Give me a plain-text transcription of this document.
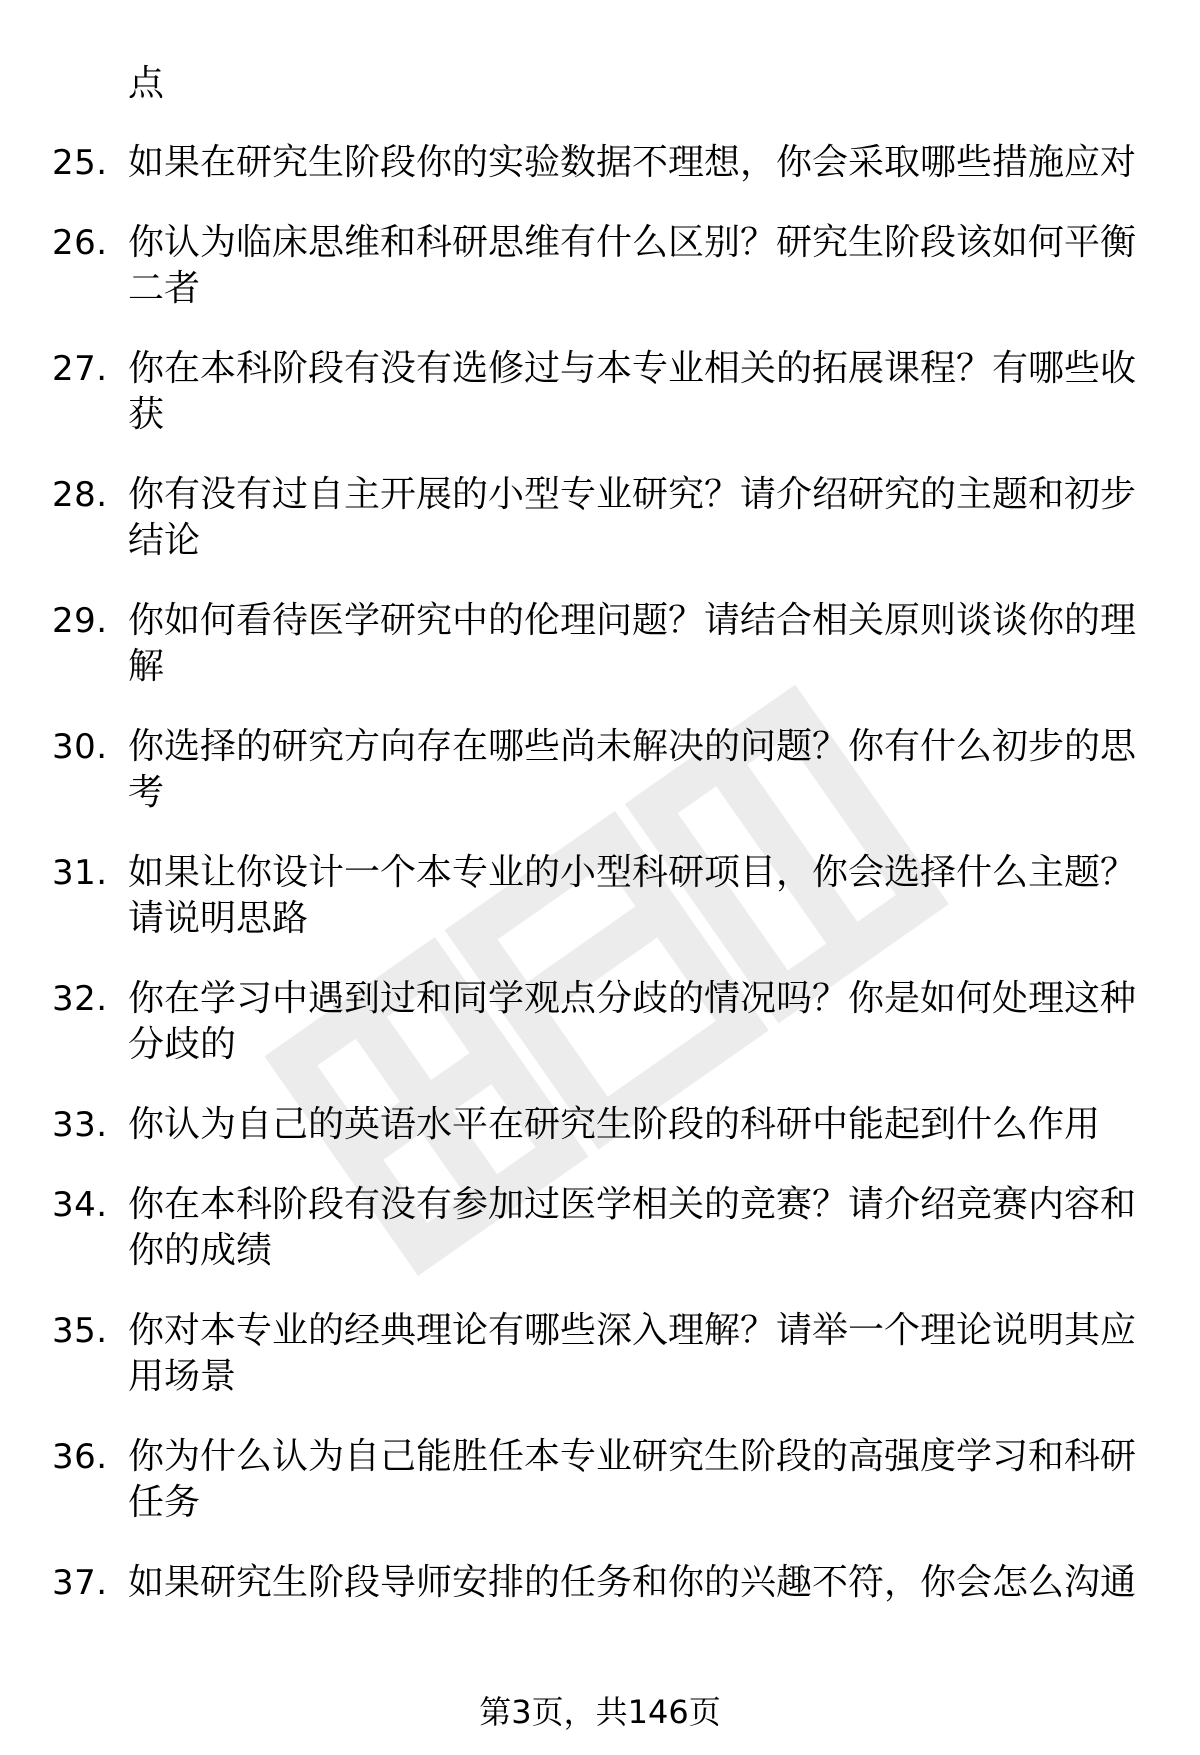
点

25. 如果在研究生阶段你的实验数据不理想，你会采取哪些措施应对
26. 你认为临床思维和科研思维有什么区别？研究生阶段该如何平衡二者
27. 你在本科阶段有没有选修过与本专业相关的拓展课程？有哪些收获
28. 你有没有过自主开展的小型专业研究？请介绍研究的主题和初步结论
29. 你如何看待医学研究中的伦理问题？请结合相关原则谈谈你的理解
30. 你选择的研究方向存在哪些尚未解决的问题？你有什么初步的思考
31. 如果让你设计一个本专业的小型科研项目，你会选择什么主题？请说明思路
32. 你在学习中遇到过和同学观点分歧的情况吗？你是如何处理这种分歧的
33. 你认为自己的英语水平在研究生阶段的科研中能起到什么作用
34. 你在本科阶段有没有参加过医学相关的竞赛？请介绍竞赛内容和你的成绩
35. 你对本专业的经典理论有哪些深入理解？请举一个理论说明其应用场景
36. 你为什么认为自己能胜任本专业研究生阶段的高强度学习和科研任务
37. 如果研究生阶段导师安排的任务和你的兴趣不符，你会怎么沟通
第3页，共146页
